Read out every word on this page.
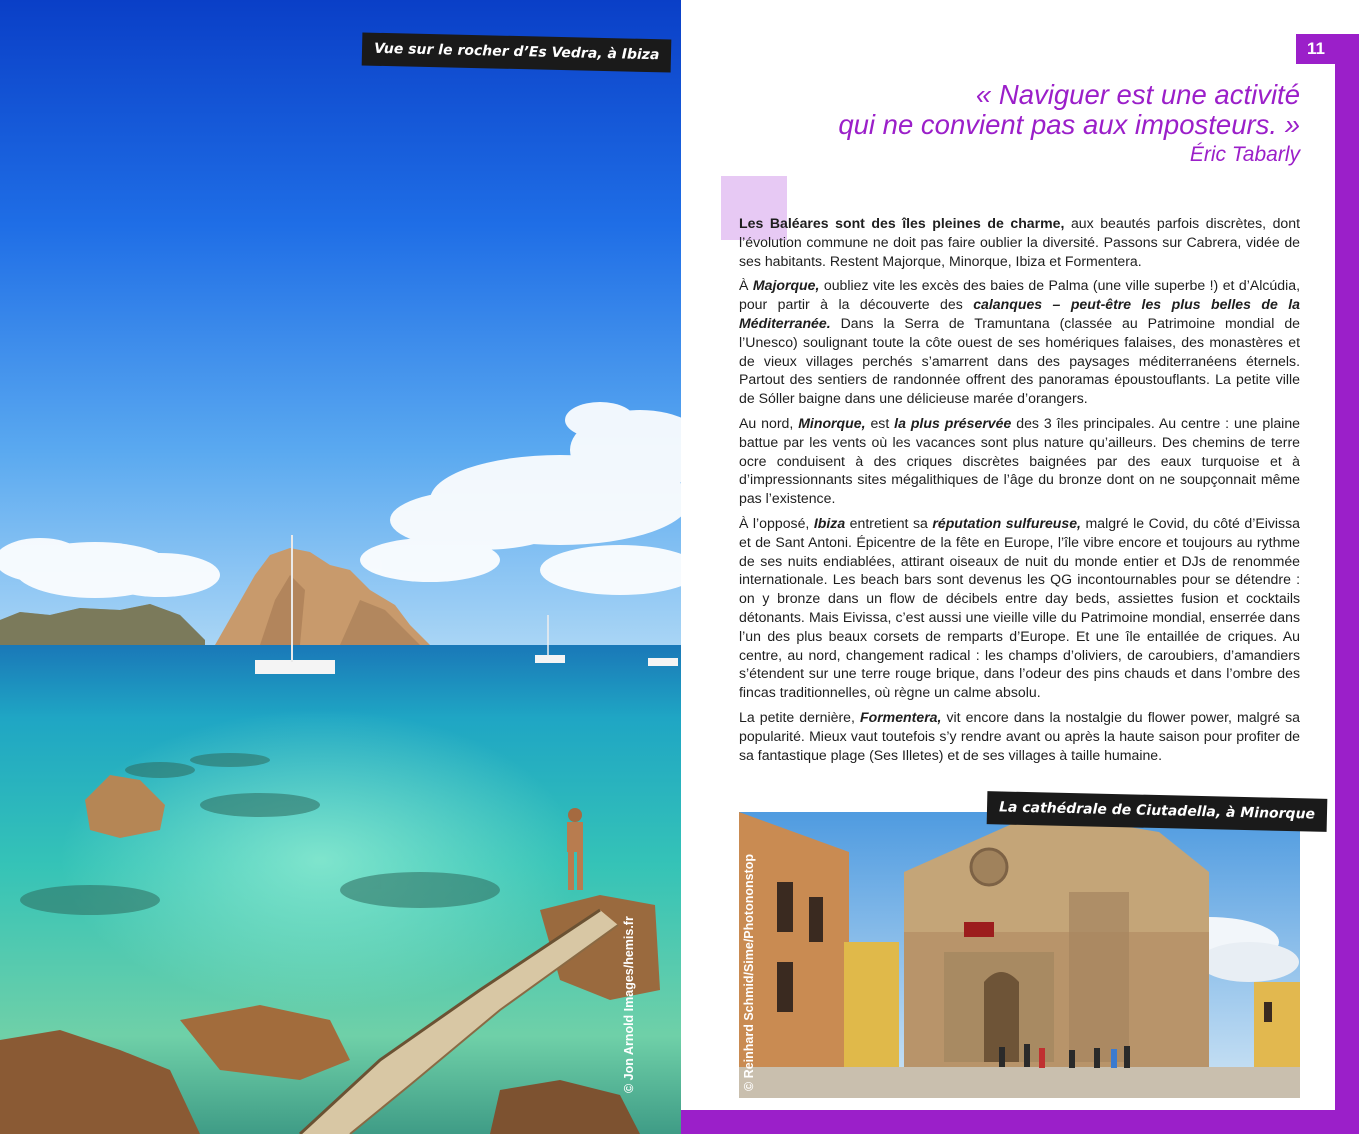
Vue sur le rocher d’Es Vedra, à Ibiza
© Jon Arnold Images/hemis.fr
11
« Naviguer est une activité
qui ne convient pas aux imposteurs. »
Éric Tabarly

Les Baléares sont des îles pleines de charme, aux beautés parfois discrètes, dont l’évolution commune ne doit pas faire oublier la diversité. Passons sur Cabrera, vidée de ses habitants. Restent Majorque, Minorque, Ibiza et Formentera.

À Majorque, oubliez vite les excès des baies de Palma (une ville superbe !) et d’Alcúdia, pour partir à la découverte des calanques – peut-être les plus belles de la Méditerranée. Dans la Serra de Tramuntana (classée au Patrimoine mondial de l’Unesco) soulignant toute la côte ouest de ses homériques falaises, des monastères et de vieux villages perchés s’amarrent dans des paysages méditerranéens éternels. Partout des sentiers de randonnée offrent des panoramas époustouflants. La petite ville de Sóller baigne dans une délicieuse marée d’orangers.

Au nord, Minorque, est la plus préservée des 3 îles principales. Au centre : une plaine battue par les vents où les vacances sont plus nature qu’ailleurs. Des chemins de terre ocre conduisent à des criques discrètes baignées par des eaux turquoise et à d’impressionnants sites mégalithiques de l’âge du bronze dont on ne soupçonnait même pas l’existence.

À l’opposé, Ibiza entretient sa réputation sulfureuse, malgré le Covid, du côté d’Eivissa et de Sant Antoni. Épicentre de la fête en Europe, l’île vibre encore et toujours au rythme de ses nuits endiablées, attirant oiseaux de nuit du monde entier et DJs de renommée internationale. Les beach bars sont devenus les QG incontournables pour se détendre : on y bronze dans un flow de décibels entre day beds, assiettes fusion et cocktails détonants. Mais Eivissa, c’est aussi une vieille ville du Patrimoine mondial, enserrée dans l’un des plus beaux corsets de remparts d’Europe. Et une île entaillée de criques. Au centre, au nord, changement radical : les champs d’oliviers, de caroubiers, d’amandiers s’étendent sur une terre rouge brique, dans l’odeur des pins chauds et dans l’ombre des fincas traditionnelles, où règne un calme absolu.

La petite dernière, Formentera, vit encore dans la nostalgie du flower power, malgré sa popularité. Mieux vaut toutefois s’y rendre avant ou après la haute saison pour profiter de sa fantastique plage (Ses Illetes) et de ses villages à taille humaine.

La cathédrale de Ciutadella, à Minorque
© Reinhard Schmid/Sime/Photononstop
